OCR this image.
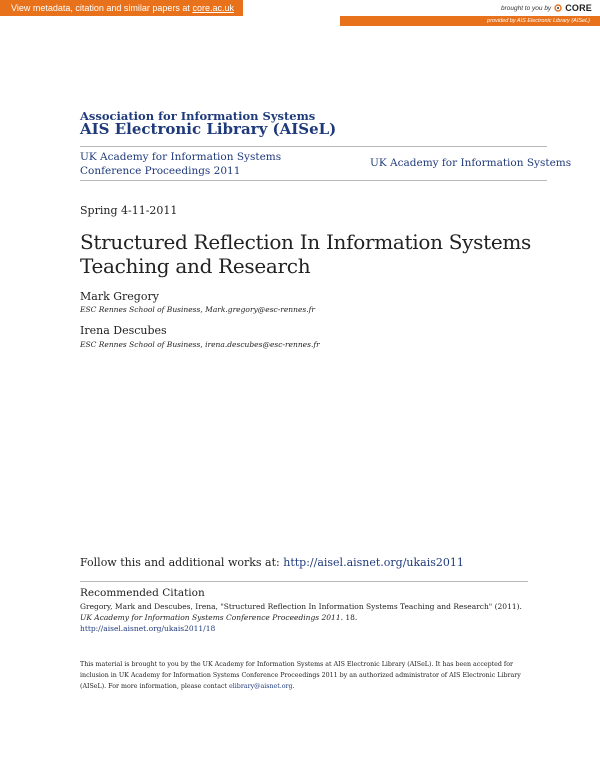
View metadata, citation and similar papers at core.ac.uk	brought to you by CORE
provided by AIS Electronic Library (AISeL)
Association for Information Systems
AIS Electronic Library (AISeL)
UK Academy for Information Systems Conference Proceedings 2011
UK Academy for Information Systems
Spring 4-11-2011
Structured Reflection In Information Systems Teaching and Research
Mark Gregory
ESC Rennes School of Business, Mark.gregory@esc-rennes.fr
Irena Descubes
ESC Rennes School of Business, irena.descubes@esc-rennes.fr
Follow this and additional works at: http://aisel.aisnet.org/ukais2011
Recommended Citation
Gregory, Mark and Descubes, Irena, "Structured Reflection In Information Systems Teaching and Research" (2011). UK Academy for Information Systems Conference Proceedings 2011. 18.
http://aisel.aisnet.org/ukais2011/18
This material is brought to you by the UK Academy for Information Systems at AIS Electronic Library (AISeL). It has been accepted for inclusion in UK Academy for Information Systems Conference Proceedings 2011 by an authorized administrator of AIS Electronic Library (AISeL). For more information, please contact elibrary@aisnet.org.
